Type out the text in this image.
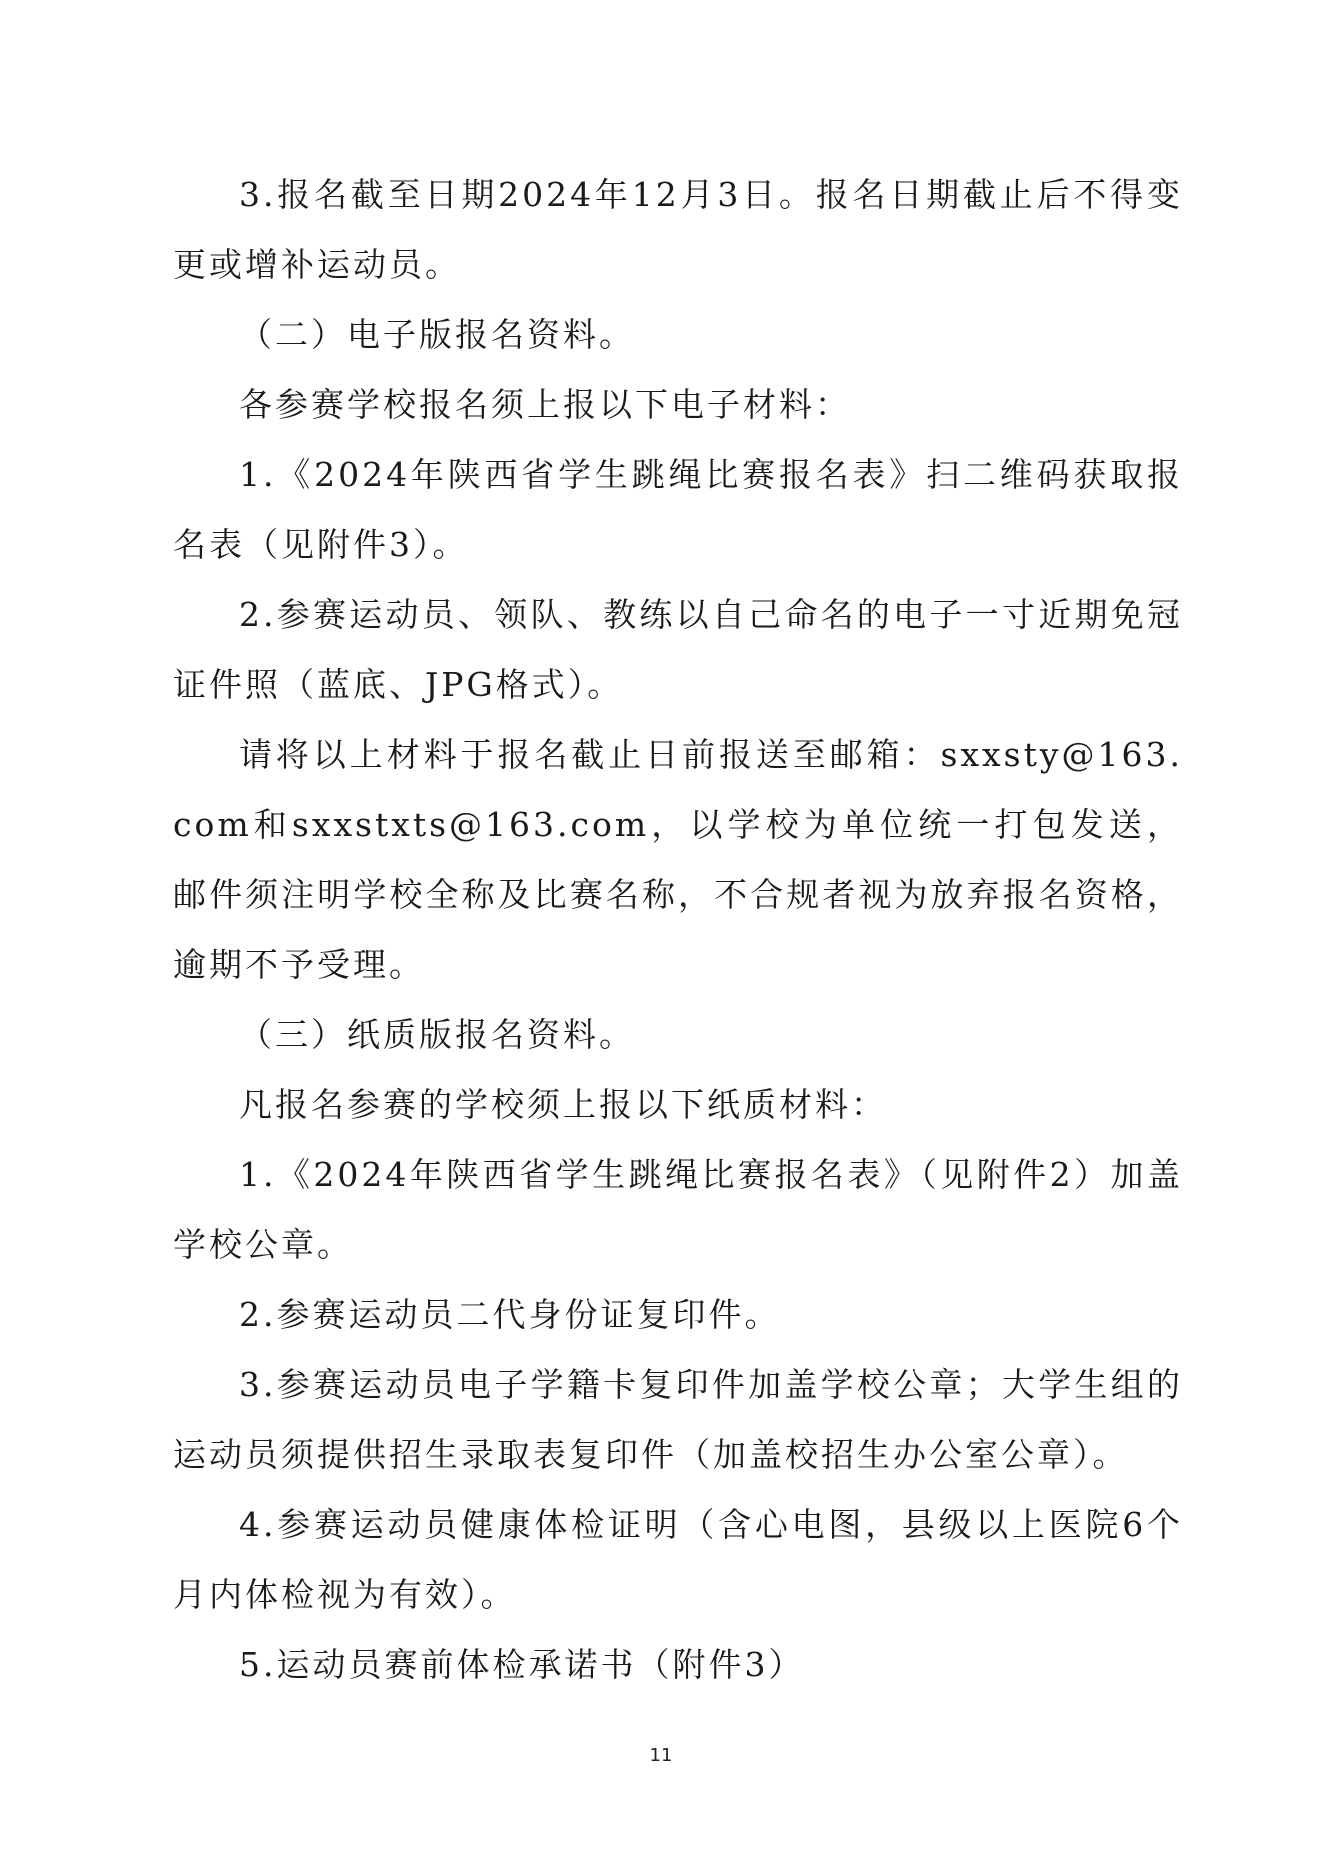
3.报名截至日期2024年12月3日。报名日期截止后不得变更或增补运动员。

（二）电子版报名资料。

各参赛学校报名须上报以下电子材料：

1.《2024年陕西省学生跳绳比赛报名表》扫二维码获取报名表（见附件3）。

2.参赛运动员、领队、教练以自己命名的电子一寸近期免冠证件照（蓝底、JPG格式）。

请将以上材料于报名截止日前报送至邮箱：sxxsty@163.com和sxxstxts@163.com，以学校为单位统一打包发送，邮件须注明学校全称及比赛名称，不合规者视为放弃报名资格，逾期不予受理。

（三）纸质版报名资料。

凡报名参赛的学校须上报以下纸质材料：

1.《2024年陕西省学生跳绳比赛报名表》（见附件2）加盖学校公章。

2.参赛运动员二代身份证复印件。

3.参赛运动员电子学籍卡复印件加盖学校公章；大学生组的运动员须提供招生录取表复印件（加盖校招生办公室公章）。

4.参赛运动员健康体检证明（含心电图，县级以上医院6个月内体检视为有效）。

5.运动员赛前体检承诺书（附件3）

11
